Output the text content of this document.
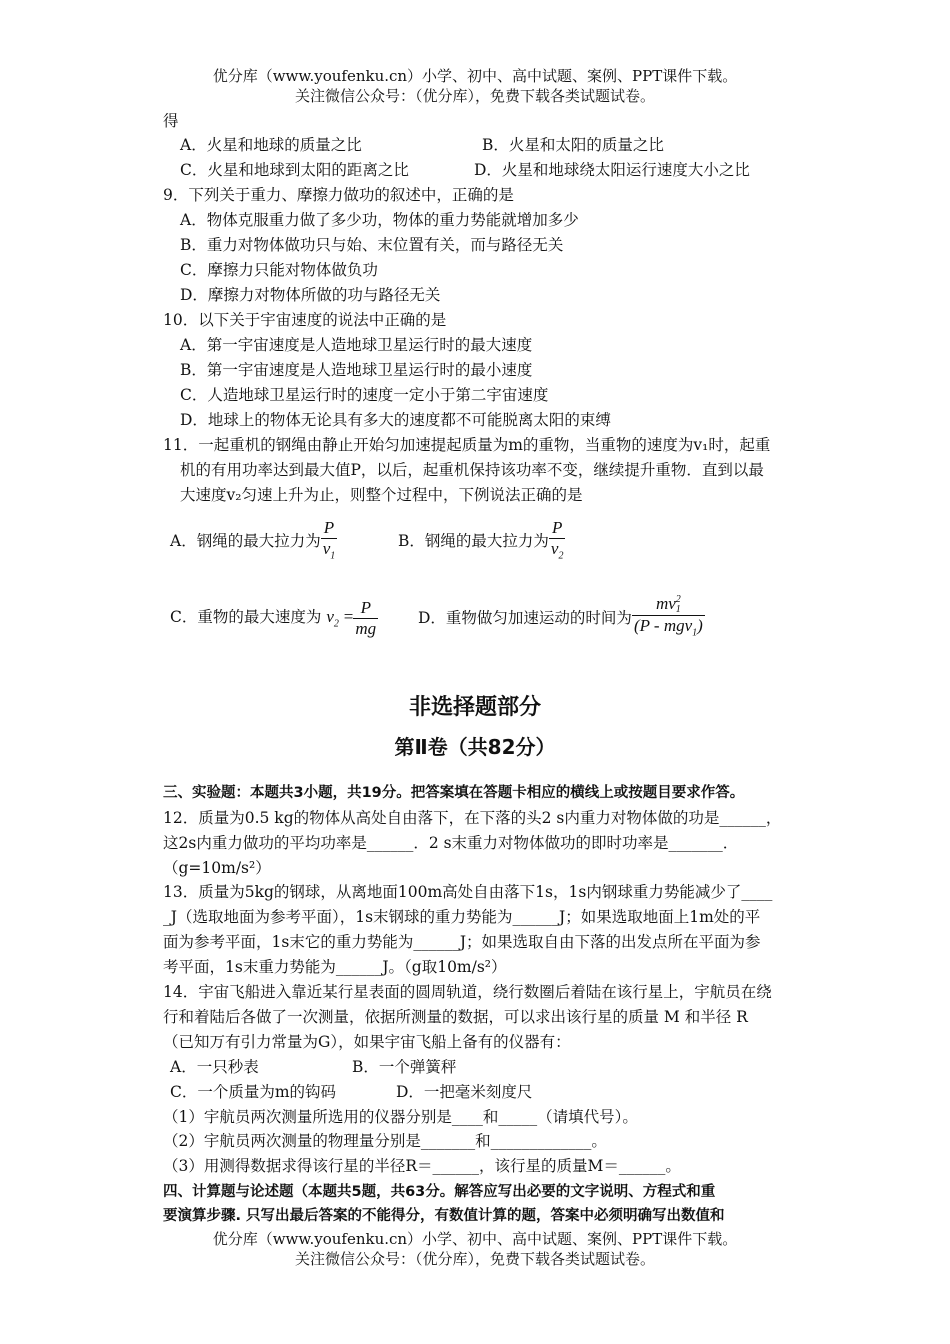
优分库（www.youfenku.cn）小学、初中、高中试题、案例、PPT课件下载。
关注微信公众号：（优分库），免费下载各类试题试卷。
得
A．火星和地球的质量之比	B．火星和太阳的质量之比
C．火星和地球到太阳的距离之比	D．火星和地球绕太阳运行速度大小之比
9．下列关于重力、摩擦力做功的叙述中，正确的是
A．物体克服重力做了多少功，物体的重力势能就增加多少
B．重力对物体做功只与始、末位置有关，而与路径无关
C．摩擦力只能对物体做负功
D．摩擦力对物体所做的功与路径无关
10．以下关于宇宙速度的说法中正确的是
A．第一宇宙速度是人造地球卫星运行时的最大速度
B．第一宇宙速度是人造地球卫星运行时的最小速度
C．人造地球卫星运行时的速度一定小于第二宇宙速度
D．地球上的物体无论具有多大的速度都不可能脱离太阳的束缚
11．一起重机的钢绳由静止开始匀加速提起质量为m的重物，当重物的速度为v₁时，起重
机的有用功率达到最大值P，以后，起重机保持该功率不变，继续提升重物．直到以最
大速度v₂匀速上升为止，则整个过程中，下例说法正确的是
A．钢绳的最大拉力为 $\frac{P}{v_1}$	B．钢绳的最大拉力为 $\frac{P}{v_2}$
C．重物的最大速度为 $v_2 = \frac{P}{mg}$	D．重物做匀加速运动的时间为 mv 2
1
(P - mgv$_1$)
非选择题部分
第Ⅱ卷（共82分）
三、实验题：本题共3小题，共19分。把答案填在答题卡相应的横线上或按题目要求作答。
12．质量为0.5 kg的物体从高处自由落下，在下落的头2 s内重力对物体做的功是______，
这2s内重力做功的平均功率是______．2 s末重力对物体做功的即时功率是_______．
（g=10m/s²）
13．质量为5kg的钢球，从离地面100m高处自由落下1s，1s内钢球重力势能减少了____
_J（选取地面为参考平面），1s末钢球的重力势能为______J；如果选取地面上1m处的平
面为参考平面，1s末它的重力势能为______J；如果选取自由下落的出发点所在平面为参
考平面，1s末重力势能为______J。（g取10m/s²）
14．宇宙飞船进入靠近某行星表面的圆周轨道，绕行数圈后着陆在该行星上，宇航员在绕
行和着陆后各做了一次测量，依据所测量的数据，可以求出该行星的质量 M 和半径 R
（已知万有引力常量为G），如果宇宙飞船上备有的仪器有：
A．一只秒表	B．一个弹簧秤
C．一个质量为m的钩码	D．一把毫米刻度尺
（1）宇航员两次测量所选用的仪器分别是____和_____（请填代号）。
（2）宇航员两次测量的物理量分别是_______和_____________。
（3）用测得数据求得该行星的半径R＝______，该行星的质量M＝______。
四、计算题与论述题（本题共5题，共63分。解答应写出必要的文字说明、方程式和重
要演算步骤. 只写出最后答案的不能得分，有数值计算的题，答案中必须明确写出数值和
优分库（www.youfenku.cn）小学、初中、高中试题、案例、PPT课件下载。
关注微信公众号：（优分库），免费下载各类试题试卷。
